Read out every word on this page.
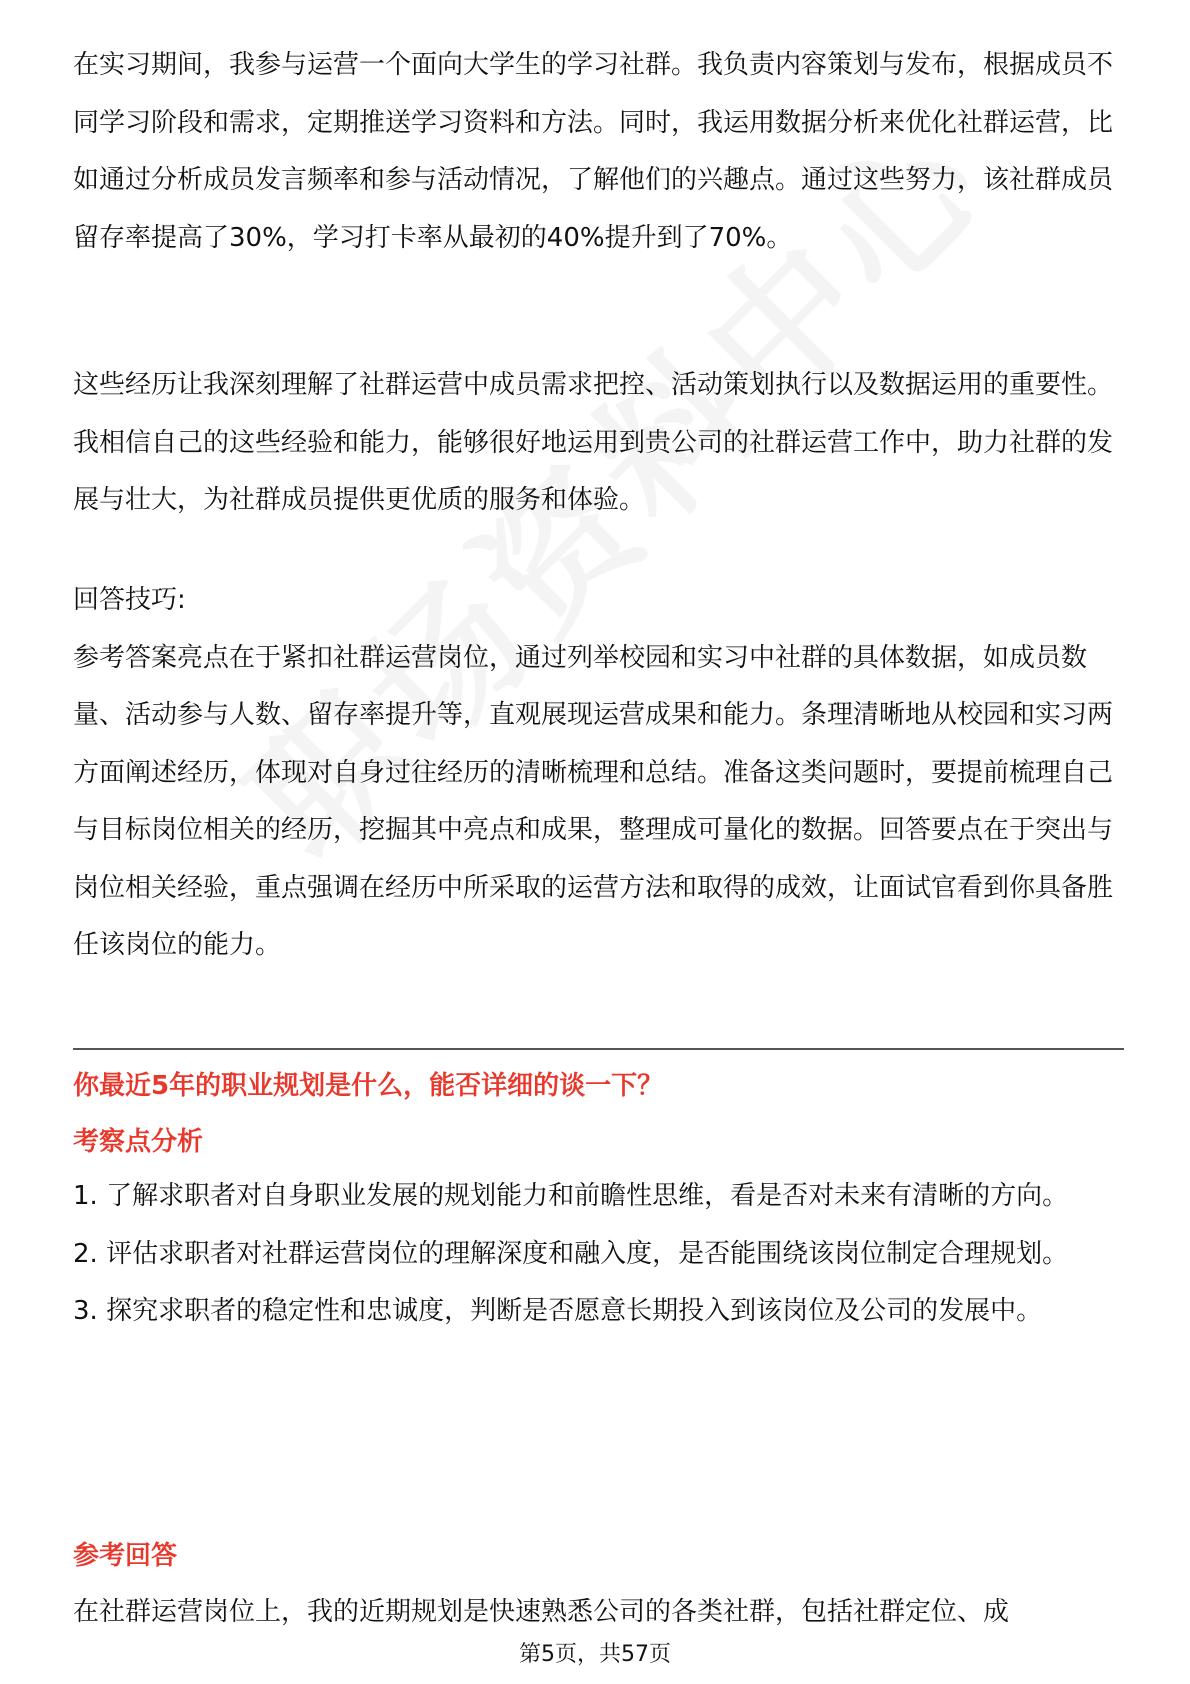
在实习期间，我参与运营一个面向大学生的学习社群。我负责内容策划与发布，根据成员不同学习阶段和需求，定期推送学习资料和方法。同时，我运用数据分析来优化社群运营，比如通过分析成员发言频率和参与活动情况，了解他们的兴趣点。通过这些努力，该社群成员留存率提高了30%，学习打卡率从最初的40%提升到了70%。

这些经历让我深刻理解了社群运营中成员需求把控、活动策划执行以及数据运用的重要性。我相信自己的这些经验和能力，能够很好地运用到贵公司的社群运营工作中，助力社群的发展与壮大，为社群成员提供更优质的服务和体验。

回答技巧:

参考答案亮点在于紧扣社群运营岗位，通过列举校园和实习中社群的具体数据，如成员数量、活动参与人数、留存率提升等，直观展现运营成果和能力。条理清晰地从校园和实习两方面阐述经历，体现对自身过往经历的清晰梳理和总结。准备这类问题时，要提前梳理自己与目标岗位相关的经历，挖掘其中亮点和成果，整理成可量化的数据。回答要点在于突出与岗位相关经验，重点强调在经历中所采取的运营方法和取得的成效，让面试官看到你具备胜任该岗位的能力。

你最近5年的职业规划是什么，能否详细的谈一下？

考察点分析

1. 了解求职者对自身职业发展的规划能力和前瞻性思维，看是否对未来有清晰的方向。

2. 评估求职者对社群运营岗位的理解深度和融入度，是否能围绕该岗位制定合理规划。

3. 探究求职者的稳定性和忠诚度，判断是否愿意长期投入到该岗位及公司的发展中。

参考回答

在社群运营岗位上，我的近期规划是快速熟悉公司的各类社群，包括社群定位、成

第5页，共57页
